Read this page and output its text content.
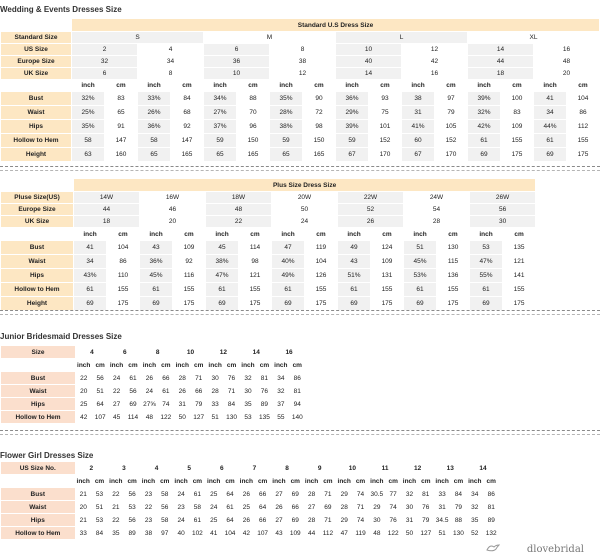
Wedding & Events Dresses Size
	Standard U.S Dress Size															
Standard Size	S				M				L				XL			
US Size	2		4		6		8		10		12		14		16	
Europe Size	32		34		36		38		40		42		44		48	
UK Size	6		8		10		12		14		16		18		20	
	inch	cm	inch	cm	inch	cm	inch	cm	inch	cm	inch	cm	inch	cm	inch	cm
Bust	32%	83	33%	84	34%	88	35%	90	36%	93	38	97	39%	100	41	104
Waist	25%	65	26%	68	27%	70	28%	72	29%	75	31	79	32%	83	34	86
Hips	35%	91	36%	92	37%	96	38%	98	39%	101	41%	105	42%	109	44%	112
Hollow to Hem	58	147	58	147	59	150	59	150	59	152	60	152	61	155	61	155
Height	63	160	65	165	65	165	65	165	67	170	67	170	69	175	69	175
	Plus Size Dress Size													
Pluse Size(US)	14W		16W		18W		20W		22W		24W		26W	
Europe Size	44		46		48		50		52		54		56	
UK Size	18		20		22		24		26		28		30	
	inch	cm	inch	cm	inch	cm	inch	cm	inch	cm	inch	cm	inch	cm
Bust	41	104	43	109	45	114	47	119	49	124	51	130	53	135
Waist	34	86	36%	92	38%	98	40%	104	43	109	45%	115	47%	121
Hips	43%	110	45%	116	47%	121	49%	126	51%	131	53%	136	55%	141
Hollow to Hem	61	155	61	155	61	155	61	155	61	155	61	155	61	155
Height	69	175	69	175	69	175	69	175	69	175	69	175	69	175
Junior Bridesmaid Dresses Size
Size	4		6		8		10		12		14		16	
	inch	cm	inch	cm	inch	cm	inch	cm	inch	cm	inch	cm	inch	cm
Bust	22	56	24	61	26	66	28	71	30	76	32	81	34	86
Waist	20	51	22	56	24	61	26	66	28	71	30	76	32	81
Hips	25	64	27	69	27⅝	74	31	79	33	84	35	89	37	94
Hollow to Hem	42	107	45	114	48	122	50	127	51	130	53	135	55	140
Flower Girl Dresses Size
US Size No.	2		3		4		5		6		7		8		9		10		11		12		13		14	
	inch	cm	inch	cm	inch	cm	inch	cm	inch	cm	inch	cm	inch	cm	inch	cm	inch	cm	inch	cm	inch	cm	inch	cm	inch	cm
Bust	21	53	22	56	23	58	24	61	25	64	26	66	27	69	28	71	29	74	30.5	77	32	81	33	84	34	86
Waist	20	51	21	53	22	56	23	58	24	61	25	64	26	66	27	69	28	71	29	74	30	76	31	79	32	81
Hips	21	53	22	56	23	58	24	61	25	64	26	66	27	69	28	71	29	74	30	76	31	79	34.5	88	35	89
Hollow to Hem	33	84	35	89	38	97	40	102	41	104	42	107	43	109	44	112	47	119	48	122	50	127	51	130	52	132
dlovebridal
